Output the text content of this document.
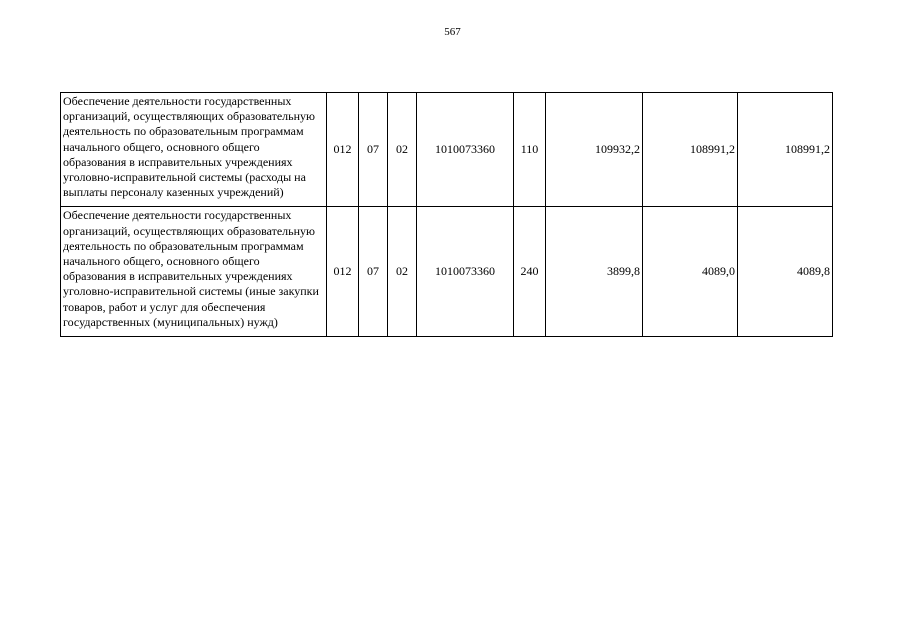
567
Обеспечение деятельности государственных организаций, осуществляющих образовательную деятельность по образовательным программам начального общего, основного общего образования в исправительных учреждениях уголовно-исправительной системы (расходы на выплаты персоналу казенных учреждений)	012	07	02	1010073360	110	109932,2	108991,2	108991,2
Обеспечение деятельности государственных организаций, осуществляющих образовательную деятельность по образовательным программам начального общего, основного общего образования в исправительных учреждениях уголовно-исправительной системы (иные закупки товаров, работ и услуг для обеспечения государственных (муниципальных) нужд)	012	07	02	1010073360	240	3899,8	4089,0	4089,8
